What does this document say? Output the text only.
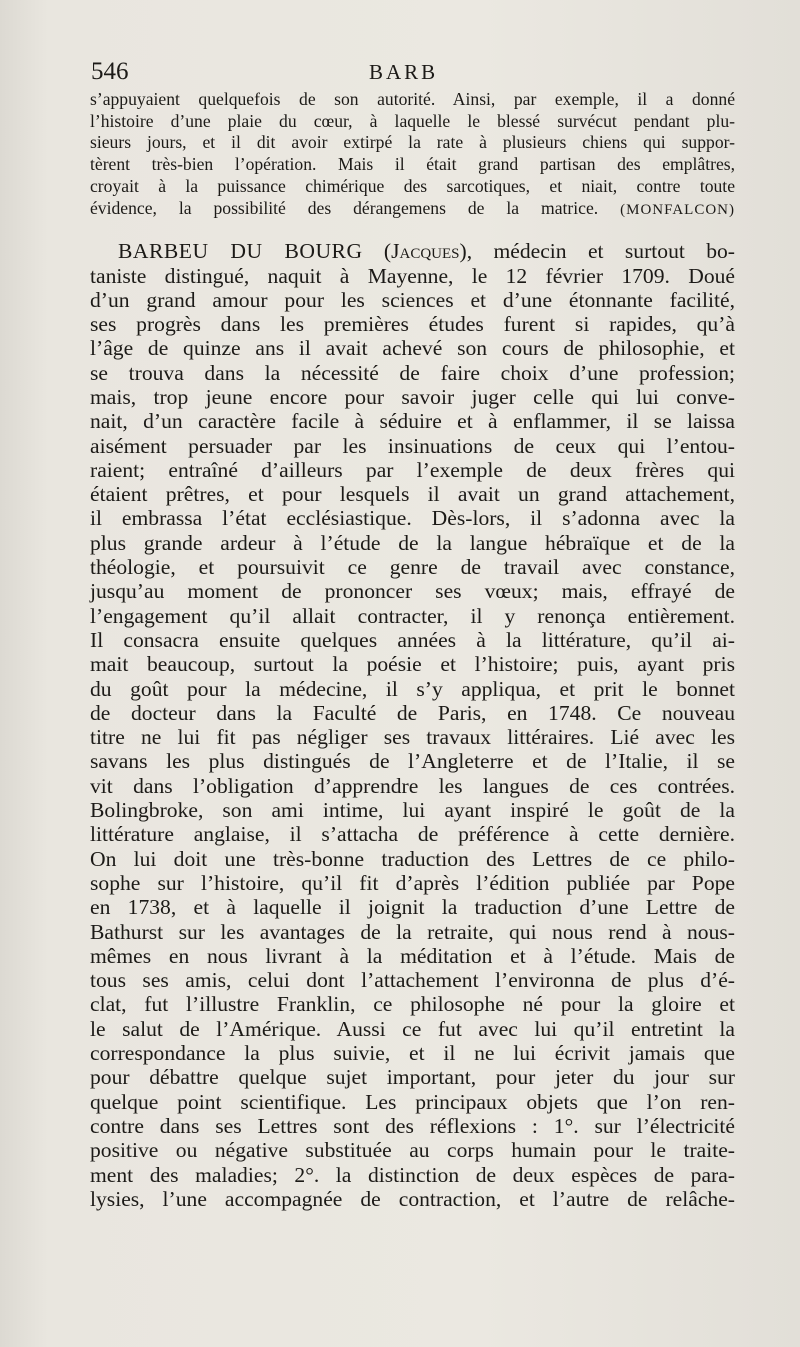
546	BARB
s’appuyaient quelquefois de son autorité. Ainsi, par exemple, il a donné
l’histoire d’une plaie du cœur, à laquelle le blessé survécut pendant plu-
sieurs jours, et il dit avoir extirpé la rate à plusieurs chiens qui suppor-
tèrent très-bien l’opération. Mais il était grand partisan des emplâtres,
croyait à la puissance chimérique des sarcotiques, et niait, contre toute
évidence, la possibilité des dérangemens de la matrice. (MONFALCON)
BARBEU DU BOURG (Jacques), médecin et surtout bo-
taniste distingué, naquit à Mayenne, le 12 février 1709. Doué
d’un grand amour pour les sciences et d’une étonnante facilité,
ses progrès dans les premières études furent si rapides, qu’à
l’âge de quinze ans il avait achevé son cours de philosophie, et
se trouva dans la nécessité de faire choix d’une profession;
mais, trop jeune encore pour savoir juger celle qui lui conve-
nait, d’un caractère facile à séduire et à enflammer, il se laissa
aisément persuader par les insinuations de ceux qui l’entou-
raient; entraîné d’ailleurs par l’exemple de deux frères qui
étaient prêtres, et pour lesquels il avait un grand attachement,
il embrassa l’état ecclésiastique. Dès-lors, il s’adonna avec la
plus grande ardeur à l’étude de la langue hébraïque et de la
théologie, et poursuivit ce genre de travail avec constance,
jusqu’au moment de prononcer ses vœux; mais, effrayé de
l’engagement qu’il allait contracter, il y renonça entièrement.
Il consacra ensuite quelques années à la littérature, qu’il ai-
mait beaucoup, surtout la poésie et l’histoire; puis, ayant pris
du goût pour la médecine, il s’y appliqua, et prit le bonnet
de docteur dans la Faculté de Paris, en 1748. Ce nouveau
titre ne lui fit pas négliger ses travaux littéraires. Lié avec les
savans les plus distingués de l’Angleterre et de l’Italie, il se
vit dans l’obligation d’apprendre les langues de ces contrées.
Bolingbroke, son ami intime, lui ayant inspiré le goût de la
littérature anglaise, il s’attacha de préférence à cette dernière.
On lui doit une très-bonne traduction des Lettres de ce philo-
sophe sur l’histoire, qu’il fit d’après l’édition publiée par Pope
en 1738, et à laquelle il joignit la traduction d’une Lettre de
Bathurst sur les avantages de la retraite, qui nous rend à nous-
mêmes en nous livrant à la méditation et à l’étude. Mais de
tous ses amis, celui dont l’attachement l’environna de plus d’é-
clat, fut l’illustre Franklin, ce philosophe né pour la gloire et
le salut de l’Amérique. Aussi ce fut avec lui qu’il entretint la
correspondance la plus suivie, et il ne lui écrivit jamais que
pour débattre quelque sujet important, pour jeter du jour sur
quelque point scientifique. Les principaux objets que l’on ren-
contre dans ses Lettres sont des réflexions : 1°. sur l’électricité
positive ou négative substituée au corps humain pour le traite-
ment des maladies; 2°. la distinction de deux espèces de para-
lysies, l’une accompagnée de contraction, et l’autre de relâche-
